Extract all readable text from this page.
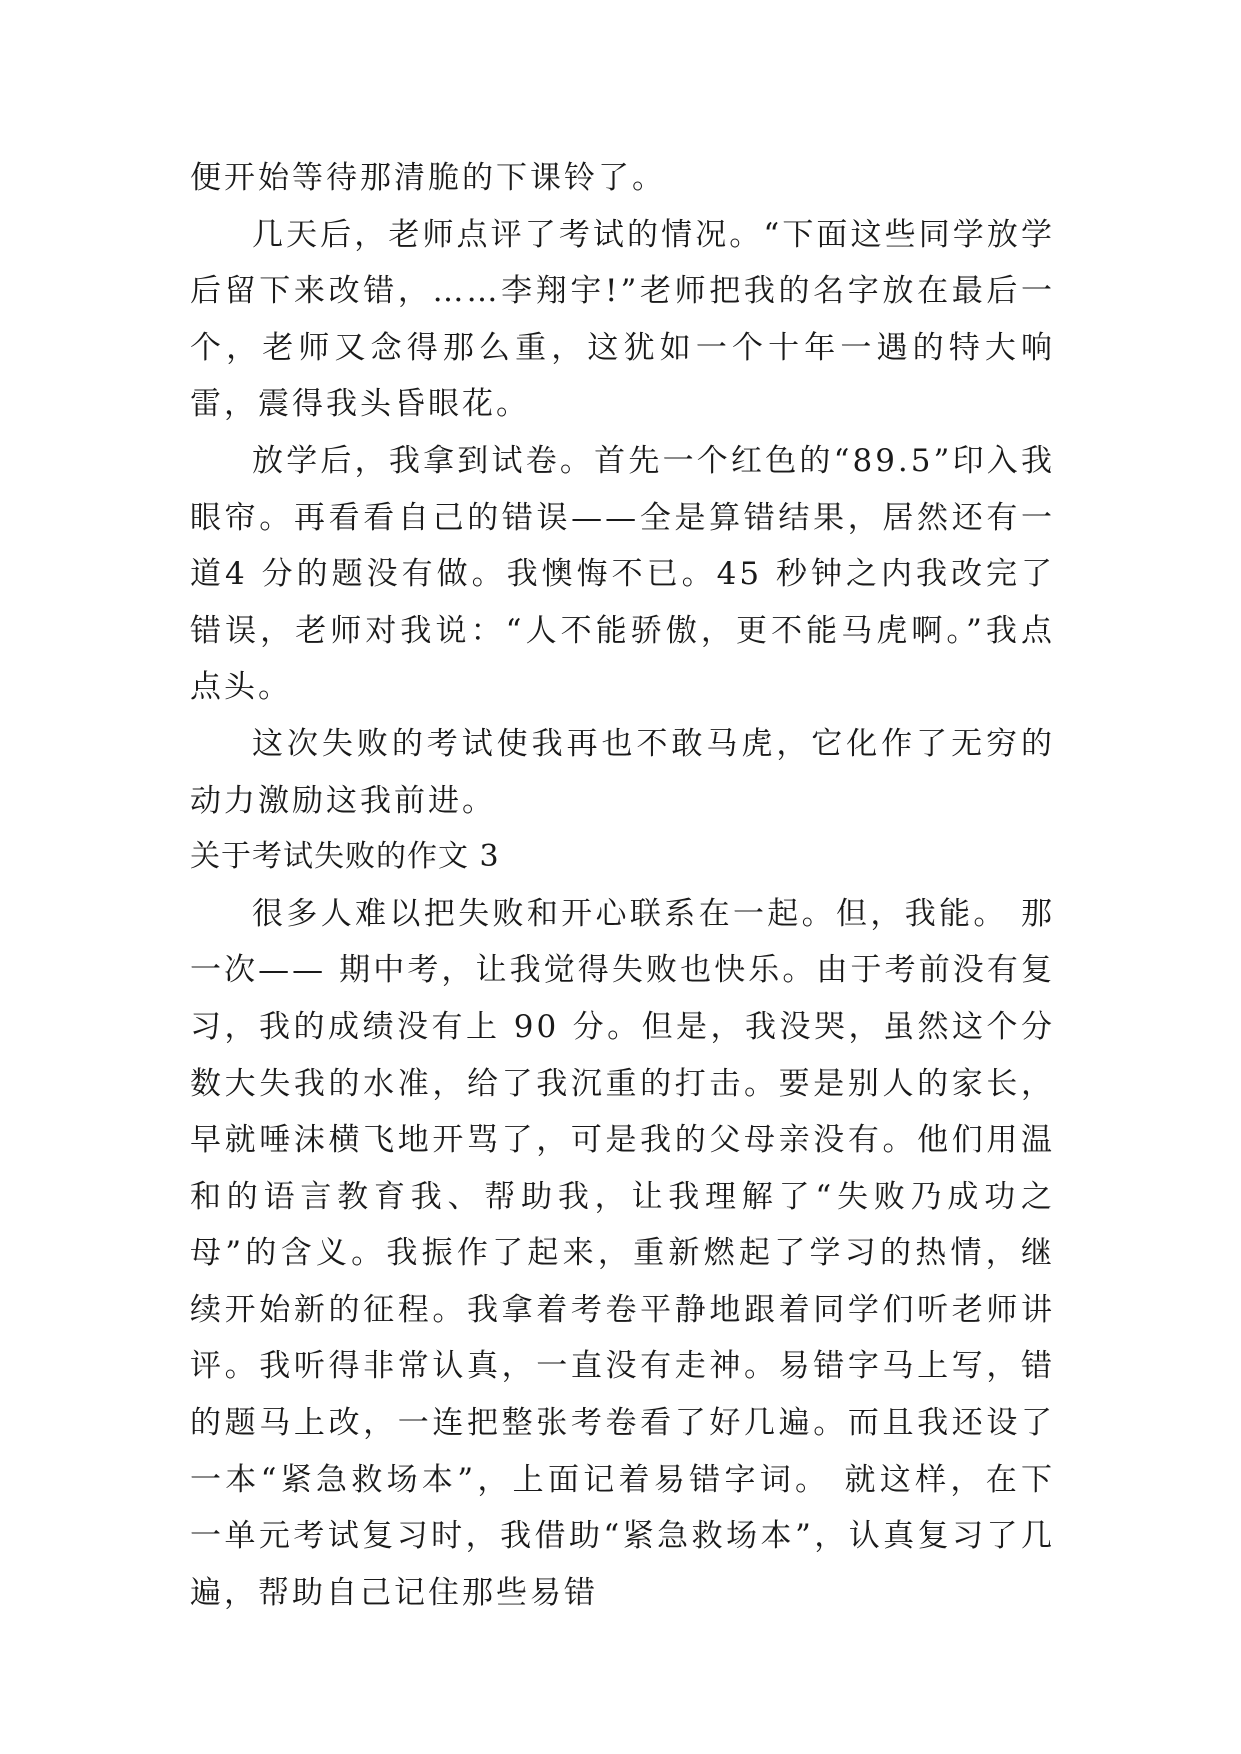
便开始等待那清脆的下课铃了。

几天后，老师点评了考试的情况。“下面这些同学放学后留下来改错，……李翔宇!”老师把我的名字放在最后一个，老师又念得那么重，这犹如一个十年一遇的特大响雷，震得我头昏眼花。

放学后，我拿到试卷。首先一个红色的“89.5”印入我眼帘。再看看自己的错误——全是算错结果，居然还有一道4 分的题没有做。我懊悔不已。45 秒钟之内我改完了错误，老师对我说：“人不能骄傲，更不能马虎啊。”我点点头。

这次失败的考试使我再也不敢马虎，它化作了无穷的动力激励这我前进。

关于考试失败的作文 3

很多人难以把失败和开心联系在一起。但，我能。 那一次—— 期中考，让我觉得失败也快乐。由于考前没有复习，我的成绩没有上 90 分。但是，我没哭，虽然这个分数大失我的水准，给了我沉重的打击。要是别人的家长，早就唾沫横飞地开骂了，可是我的父母亲没有。他们用温和的语言教育我、帮助我，让我理解了“失败乃成功之母”的含义。我振作了起来，重新燃起了学习的热情，继续开始新的征程。我拿着考卷平静地跟着同学们听老师讲评。我听得非常认真，一直没有走神。易错字马上写，错的题马上改，一连把整张考卷看了好几遍。而且我还设了一本“紧急救场本”，上面记着易错字词。 就这样，在下一单元考试复习时，我借助“紧急救场本”，认真复习了几遍，帮助自己记住那些易错
